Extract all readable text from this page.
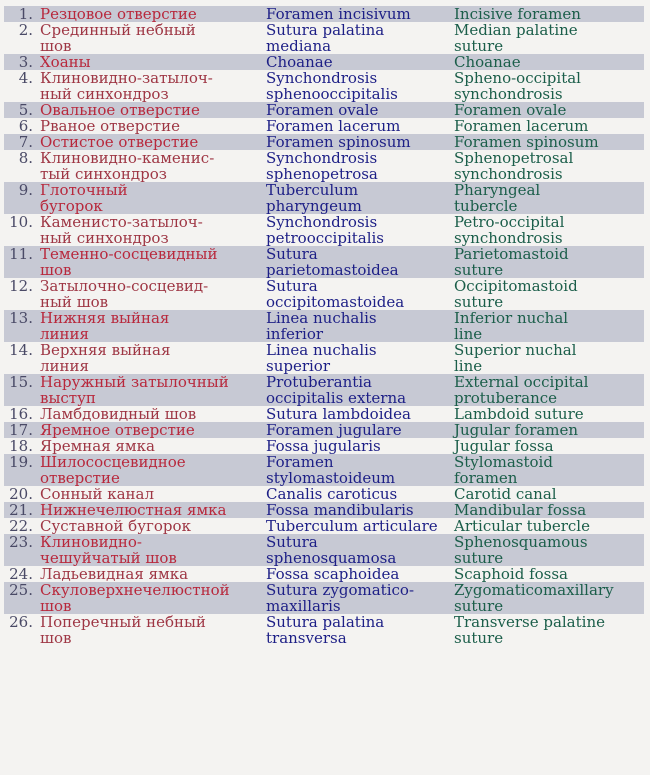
1.	Резцовое отверстие	Foramen incisivum	Incisive foramen

2.	Срединный небный
шов	Sutura palatina
mediana	Median palatine
suture

3.	Хоаны	Choanae	Choanae

4.	Клиновидно-затылоч-
ный синхондроз	Synchondrosis
sphenooccipitalis	Spheno-occipital
synchondrosis

5.	Овальное отверстие	Foramen ovale	Foramen ovale

6.	Рваное отверстие	Foramen lacerum	Foramen lacerum

7.	Остистое отверстие	Foramen spinosum	Foramen spinosum

8.	Клиновидно-каменис-
тый синхондроз	Synchondrosis
sphenopetrosa	Sphenopetrosal
synchondrosis

9.	Глоточный
бугорок	Tuberculum
pharyngeum	Pharyngeal
tubercle

10.	Каменисто-затылоч-
ный синхондроз	Synchondrosis
petrooccipitalis	Petro-occipital
synchondrosis

11.	Теменно-сосцевидный
шов	Sutura
parietomastoidea	Parietomastoid
suture

12.	Затылочно-сосцевид-
ный шов	Sutura
occipitomastoidea	Occipitomastoid
suture

13.	Нижняя выйная
линия	Linea nuchalis
inferior	Inferior nuchal
line

14.	Верхняя выйная
линия	Linea nuchalis
superior	Superior nuchal
line

15.	Наружный затылочный
выступ	Protuberantia
occipitalis externa	External occipital
protuberance

16.	Ламбдовидный шов	Sutura lambdoidea	Lambdoid suture

17.	Яремное отверстие	Foramen jugulare	Jugular foramen

18.	Яремная ямка	Fossa jugularis	Jugular fossa

19.	Шилососцевидное
отверстие	Foramen
stylomastoideum	Stylomastoid
foramen

20.	Сонный канал	Canalis caroticus	Carotid canal

21.	Нижнечелюстная ямка	Fossa mandibularis	Mandibular fossa

22.	Суставной бугорок	Tuberculum articulare	Articular tubercle

23.	Клиновидно-
чешуйчатый шов	Sutura
sphenosquamosa	Sphenosquamous
suture

24.	Ладьевидная ямка	Fossa scaphoidea	Scaphoid fossa

25.	Скуловерхнечелюстной
шов	Sutura zygomatico-
maxillaris	Zygomaticomaxillary
suture

26.	Поперечный небный
шов	Sutura palatina
transversa	Transverse palatine
suture
